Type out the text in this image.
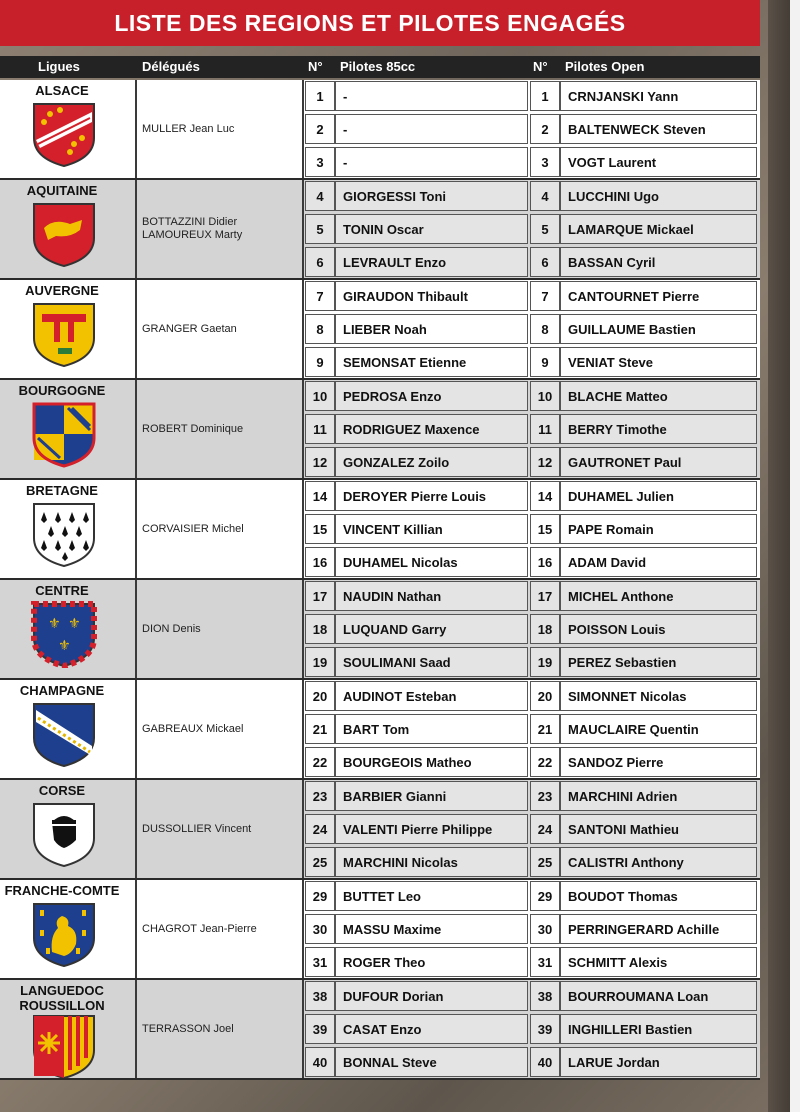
LISTE DES REGIONS ET PILOTES ENGAGÉS
Ligues	Délégués	N° Pilotes 85cc	N° Pilotes Open
ALSACE
MULLER Jean Luc
1	-	1	CRNJANSKI Yann
2	-	2	BALTENWECK Steven
3	-	3	VOGT Laurent
AQUITAINE
BOTTAZZINI Didier
LAMOUREUX Marty
4	GIORGESSI Toni	4	LUCCHINI Ugo
5	TONIN Oscar	5	LAMARQUE Mickael
6	LEVRAULT Enzo	6	BASSAN Cyril
AUVERGNE
GRANGER Gaetan
7	GIRAUDON Thibault	7	CANTOURNET Pierre
8	LIEBER Noah	8	GUILLAUME Bastien
9	SEMONSAT Etienne	9	VENIAT Steve
BOURGOGNE
ROBERT Dominique
10	PEDROSA Enzo	10	BLACHE Matteo
11	RODRIGUEZ Maxence	11	BERRY Timothe
12	GONZALEZ Zoilo	12	GAUTRONET Paul
BRETAGNE
CORVAISIER Michel
14	DEROYER Pierre Louis	14	DUHAMEL Julien
15	VINCENT Killian	15	PAPE Romain
16	DUHAMEL Nicolas	16	ADAM David
CENTRE
⚜ ⚜
⚜
DION Denis
17	NAUDIN Nathan	17	MICHEL Anthone
18	LUQUAND Garry	18	POISSON Louis
19	SOULIMANI Saad	19	PEREZ Sebastien
CHAMPAGNE
GABREAUX Mickael
20	AUDINOT Esteban	20	SIMONNET Nicolas
21	BART Tom	21	MAUCLAIRE Quentin
22	BOURGEOIS Matheo	22	SANDOZ Pierre
CORSE
DUSSOLLIER Vincent
23	BARBIER Gianni	23	MARCHINI Adrien
24	VALENTI Pierre Philippe	24	SANTONI Mathieu
25	MARCHINI Nicolas	25	CALISTRI Anthony
FRANCHE-COMTE
CHAGROT Jean-Pierre
29	BUTTET Leo	29	BOUDOT Thomas
30	MASSU Maxime	30	PERRINGERARD Achille
31	ROGER Theo	31	SCHMITT Alexis
LANGUEDOC
ROUSSILLON
TERRASSON Joel
38	DUFOUR Dorian	38	BOURROUMANA Loan
39	CASAT Enzo	39	INGHILLERI Bastien
40	BONNAL Steve	40	LARUE Jordan
